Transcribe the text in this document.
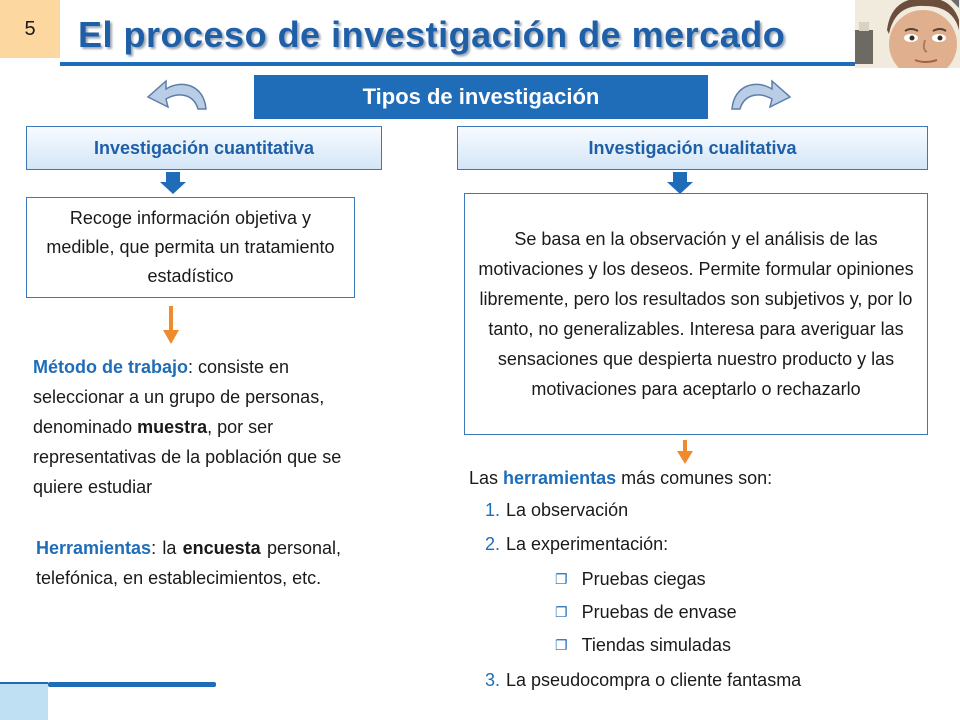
5	El proceso de investigación de mercado
Tipos de investigación
Investigación cuantitativa	Investigación cualitativa
Recoge información objetiva y medible, que permita un tratamiento estadístico
Se basa en la observación y el análisis de las motivaciones y los deseos. Permite formular opiniones libremente, pero los resultados son subjetivos y, por lo tanto, no generalizables. Interesa para averiguar las sensaciones que despierta nuestro producto y las motivaciones para aceptarlo o rechazarlo
Método de trabajo: consiste en seleccionar a un grupo de personas, denominado muestra, por ser representativas de la población que se quiere estudiar
Herramientas: la encuesta personal, telefónica, en establecimientos, etc.
Las herramientas más comunes son:
1. La observación
2. La experimentación:
❐ Pruebas ciegas
❐ Pruebas de envase
❐ Tiendas simuladas
3. La pseudocompra o cliente fantasma
